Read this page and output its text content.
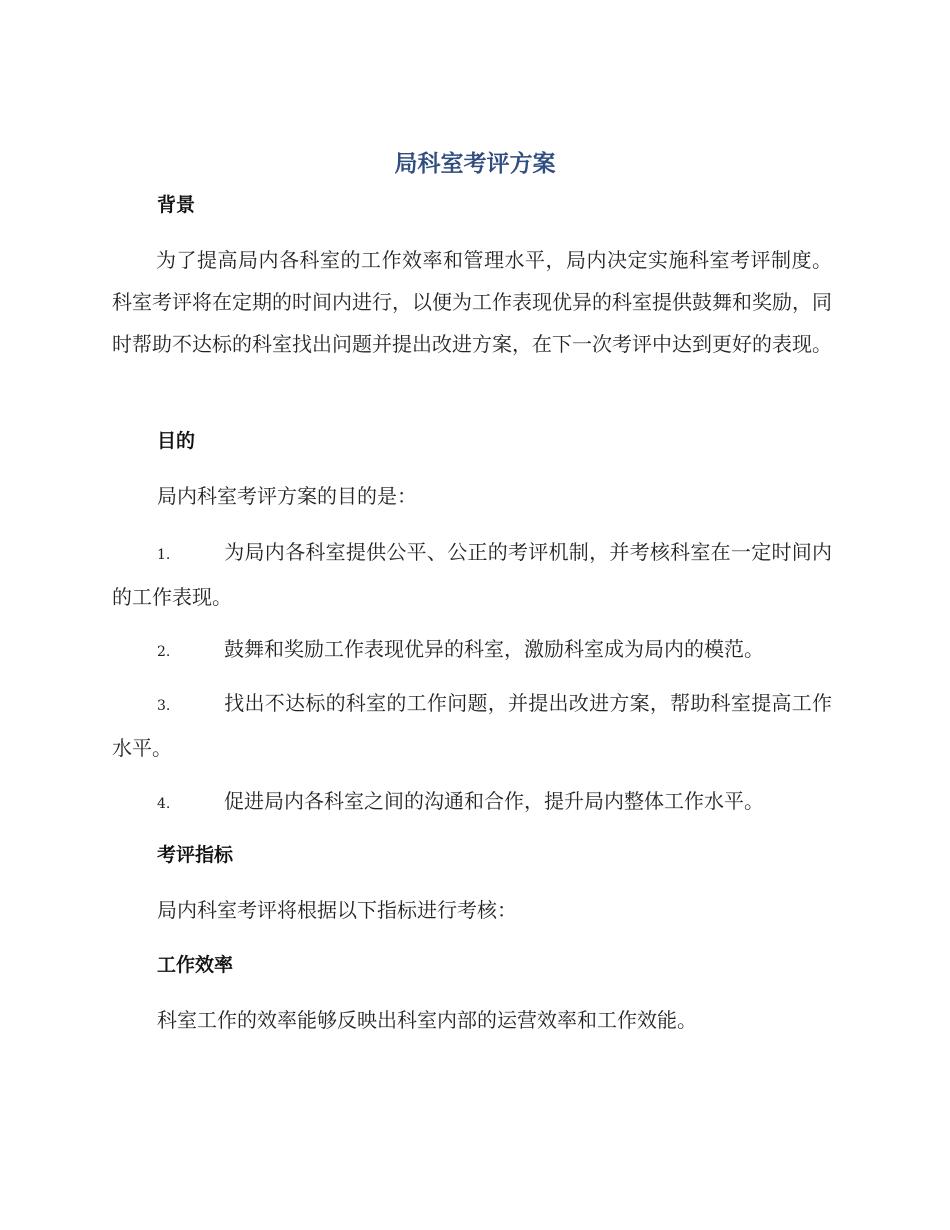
局科室考评方案
背景
为了提高局内各科室的工作效率和管理水平，局内决定实施科室考评制度。科室考评将在定期的时间内进行，以便为工作表现优异的科室提供鼓舞和奖励，同时帮助不达标的科室找出问题并提出改进方案，在下一次考评中达到更好的表现。
目的
局内科室考评方案的目的是：
1.	为局内各科室提供公平、公正的考评机制，并考核科室在一定时间内的工作表现。
2.	鼓舞和奖励工作表现优异的科室，激励科室成为局内的模范。
3.	找出不达标的科室的工作问题，并提出改进方案，帮助科室提高工作水平。
4.	促进局内各科室之间的沟通和合作，提升局内整体工作水平。
考评指标
局内科室考评将根据以下指标进行考核：
工作效率
科室工作的效率能够反映出科室内部的运营效率和工作效能。
